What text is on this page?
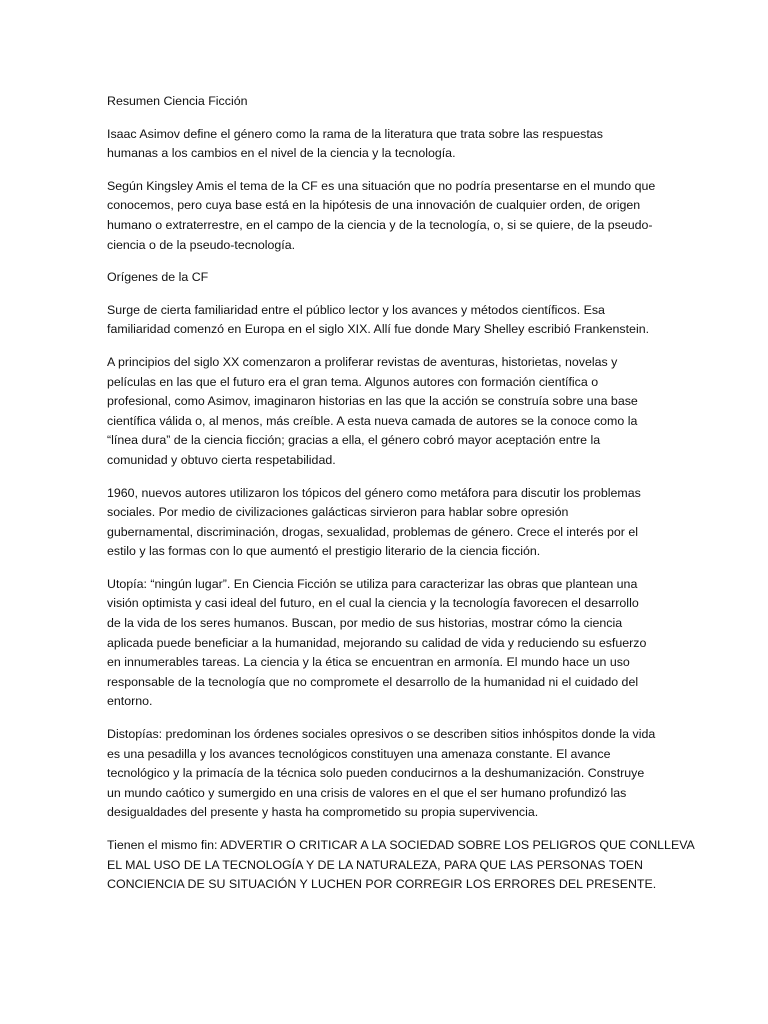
Resumen Ciencia Ficción

Isaac Asimov define el género como la rama de la literatura que trata sobre las respuestas
humanas a los cambios en el nivel de la ciencia y la tecnología.

Según Kingsley Amis el tema de la CF es una situación que no podría presentarse en el mundo que
conocemos, pero cuya base está en la hipótesis de una innovación de cualquier orden, de origen
humano o extraterrestre, en el campo de la ciencia y de la tecnología, o, si se quiere, de la pseudo-
ciencia o de la pseudo-tecnología.

Orígenes de la CF

Surge de cierta familiaridad entre el público lector y los avances y métodos científicos. Esa
familiaridad comenzó en Europa en el siglo XIX. Allí fue donde Mary Shelley escribió Frankenstein.

A principios del siglo XX comenzaron a proliferar revistas de aventuras, historietas, novelas y
películas en las que el futuro era el gran tema. Algunos autores con formación científica o
profesional, como Asimov, imaginaron historias en las que la acción se construía sobre una base
científica válida o, al menos, más creíble. A esta nueva camada de autores se la conoce como la
“línea dura” de la ciencia ficción; gracias a ella, el género cobró mayor aceptación entre la
comunidad y obtuvo cierta respetabilidad.

1960, nuevos autores utilizaron los tópicos del género como metáfora para discutir los problemas
sociales. Por medio de civilizaciones galácticas sirvieron para hablar sobre opresión
gubernamental, discriminación, drogas, sexualidad, problemas de género. Crece el interés por el
estilo y las formas con lo que aumentó el prestigio literario de la ciencia ficción.

Utopía: “ningún lugar”. En Ciencia Ficción se utiliza para caracterizar las obras que plantean una
visión optimista y casi ideal del futuro, en el cual la ciencia y la tecnología favorecen el desarrollo
de la vida de los seres humanos. Buscan, por medio de sus historias, mostrar cómo la ciencia
aplicada puede beneficiar a la humanidad, mejorando su calidad de vida y reduciendo su esfuerzo
en innumerables tareas. La ciencia y la ética se encuentran en armonía. El mundo hace un uso
responsable de la tecnología que no compromete el desarrollo de la humanidad ni el cuidado del
entorno.

Distopías: predominan los órdenes sociales opresivos o se describen sitios inhóspitos donde la vida
es una pesadilla y los avances tecnológicos constituyen una amenaza constante. El avance
tecnológico y la primacía de la técnica solo pueden conducirnos a la deshumanización. Construye
un mundo caótico y sumergido en una crisis de valores en el que el ser humano profundizó las
desigualdades del presente y hasta ha comprometido su propia supervivencia.

Tienen el mismo fin: ADVERTIR O CRITICAR A LA SOCIEDAD SOBRE LOS PELIGROS QUE CONLLEVA
EL MAL USO DE LA TECNOLOGÍA Y DE LA NATURALEZA, PARA QUE LAS PERSONAS TOEN
CONCIENCIA DE SU SITUACIÓN Y LUCHEN POR CORREGIR LOS ERRORES DEL PRESENTE.
